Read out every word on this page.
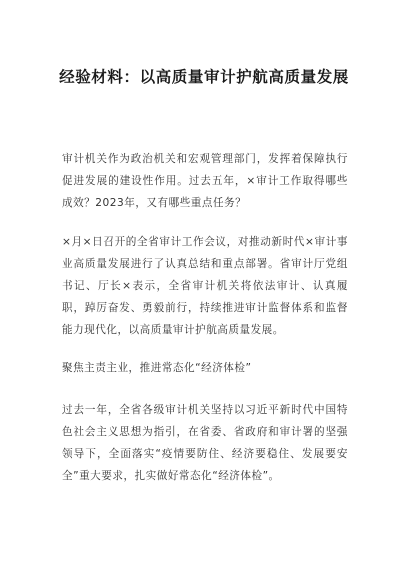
经验材料：以高质量审计护航高质量发展

审计机关作为政治机关和宏观管理部门，发挥着保障执行促进发展的建设性作用。过去五年，×审计工作取得哪些成效？2023年，又有哪些重点任务？

×月×日召开的全省审计工作会议，对推动新时代×审计事业高质量发展进行了认真总结和重点部署。省审计厅党组书记、厅长×表示，全省审计机关将依法审计、认真履职，踔厉奋发、勇毅前行，持续推进审计监督体系和监督能力现代化，以高质量审计护航高质量发展。

聚焦主责主业，推进常态化“经济体检”

过去一年，全省各级审计机关坚持以习近平新时代中国特色社会主义思想为指引，在省委、省政府和审计署的坚强领导下，全面落实“疫情要防住、经济要稳住、发展要安全”重大要求，扎实做好常态化“经济体检”。
